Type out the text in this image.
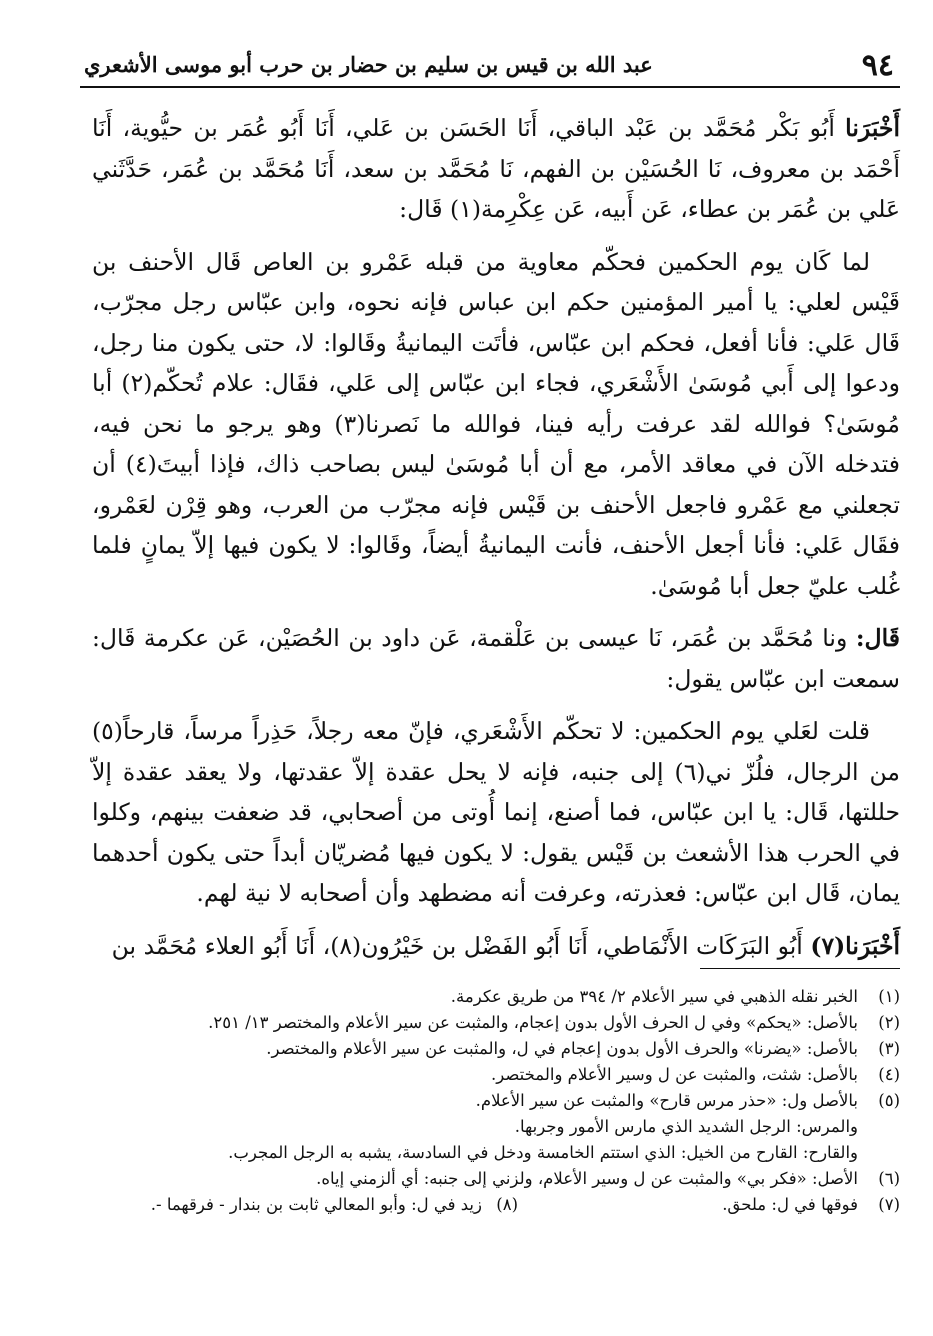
٩٤
عبد الله بن قيس بن سليم بن حضار بن حرب أبو موسى الأشعري

أَخْبَرَنا أَبُو بَكْر مُحَمَّد بن عَبْد الباقي، أَنَا الحَسَن بن عَلي، أَنَا أَبُو عُمَر بن حيُّوية، أَنَا أَحْمَد بن معروف، نَا الحُسَيْن بن الفهم، نَا مُحَمَّد بن سعد، أَنَا مُحَمَّد بن عُمَر، حَدَّثَني عَلي بن عُمَر بن عطاء، عَن أَبيه، عَن عِكْرِمة(١) قَال:

لما كَان يوم الحكمين فحكّم معاوية من قبله عَمْرو بن العاص قَال الأحنف بن قَيْس لعلي: يا أمير المؤمنين حكم ابن عباس فإنه نحوه، وابن عبّاس رجل مجرّب، قَال عَلي: فأنا أفعل، فحكم ابن عبّاس، فأتَت اليمانيةُ وقَالوا: لا، حتى يكون منا رجل، ودعوا إلى أَبي مُوسَىٰ الأَشْعَري، فجاء ابن عبّاس إلى عَلي، فقَال: علام تُحكّم(٢) أبا مُوسَىٰ؟ فوالله لقد عرفت رأيه فينا، فوالله ما نَصرنا(٣) وهو يرجو ما نحن فيه، فتدخله الآن في معاقد الأمر، مع أن أبا مُوسَىٰ ليس بصاحب ذاك، فإذا أبيتَ(٤) أن تجعلني مع عَمْرو فاجعل الأحنف بن قَيْس فإنه مجرّب من العرب، وهو قِرْن لعَمْرو، فقَال عَلي: فأنا أجعل الأحنف، فأنت اليمانيةُ أيضاً، وقَالوا: لا يكون فيها إلاّ يمانٍ فلما غُلب عليّ جعل أبا مُوسَىٰ.

قَال: ونا مُحَمَّد بن عُمَر، نَا عيسى بن عَلْقمة، عَن داود بن الحُصَيْن، عَن عكرمة قَال: سمعت ابن عبّاس يقول:

قلت لعَلي يوم الحكمين: لا تحكّم الأَشْعَري، فإنّ معه رجلاً، حَذِراً مرساً، قارحاً(٥) من الرجال، فلُزّ ني(٦) إلى جنبه، فإنه لا يحل عقدة إلاّ عقدتها، ولا يعقد عقدة إلاّ حللتها، قَال: يا ابن عبّاس، فما أصنع، إنما أُوتى من أصحابي، قد ضعفت بينهم، وكلوا في الحرب هذا الأشعث بن قَيْس يقول: لا يكون فيها مُضريّان أبداً حتى يكون أحدهما يمان، قَال ابن عبّاس: فعذرته، وعرفت أنه مضطهد وأن أصحابه لا نية لهم.

أَخْبَرَنا(٧) أَبُو البَرَكَات الأَنْمَاطي، أَنَا أَبُو الفَضْل بن خَيْرُون(٨)، أَنَا أَبُو العلاء مُحَمَّد بن

(١)
الخبر نقله الذهبي في سير الأعلام ٢/ ٣٩٤ من طريق عكرمة.
(٢)
بالأصل: «يحكم» وفي ل الحرف الأول بدون إعجام، والمثبت عن سير الأعلام والمختصر ١٣/ ٢٥١.
(٣)
بالأصل: «يضرنا» والحرف الأول بدون إعجام في ل، والمثبت عن سير الأعلام والمختصر.
(٤)
بالأصل: شثت، والمثبت عن ل وسير الأعلام والمختصر.
(٥)
بالأصل ول: «حذر مرس قارح» والمثبت عن سير الأعلام.
والمرس: الرجل الشديد الذي مارس الأمور وجربها.
والقارح: القارح من الخيل: الذي استتم الخامسة ودخل في السادسة، يشبه به الرجل المجرب.
(٦)
الأصل: «فكر بي» والمثبت عن ل وسير الأعلام، ولزني إلى جنبه: أي ألزمني إياه.
(٧)
فوقها في ل: ملحق.
(٨)
زيد في ل: وأبو المعالي ثابت بن بندار - فرقهما -.
